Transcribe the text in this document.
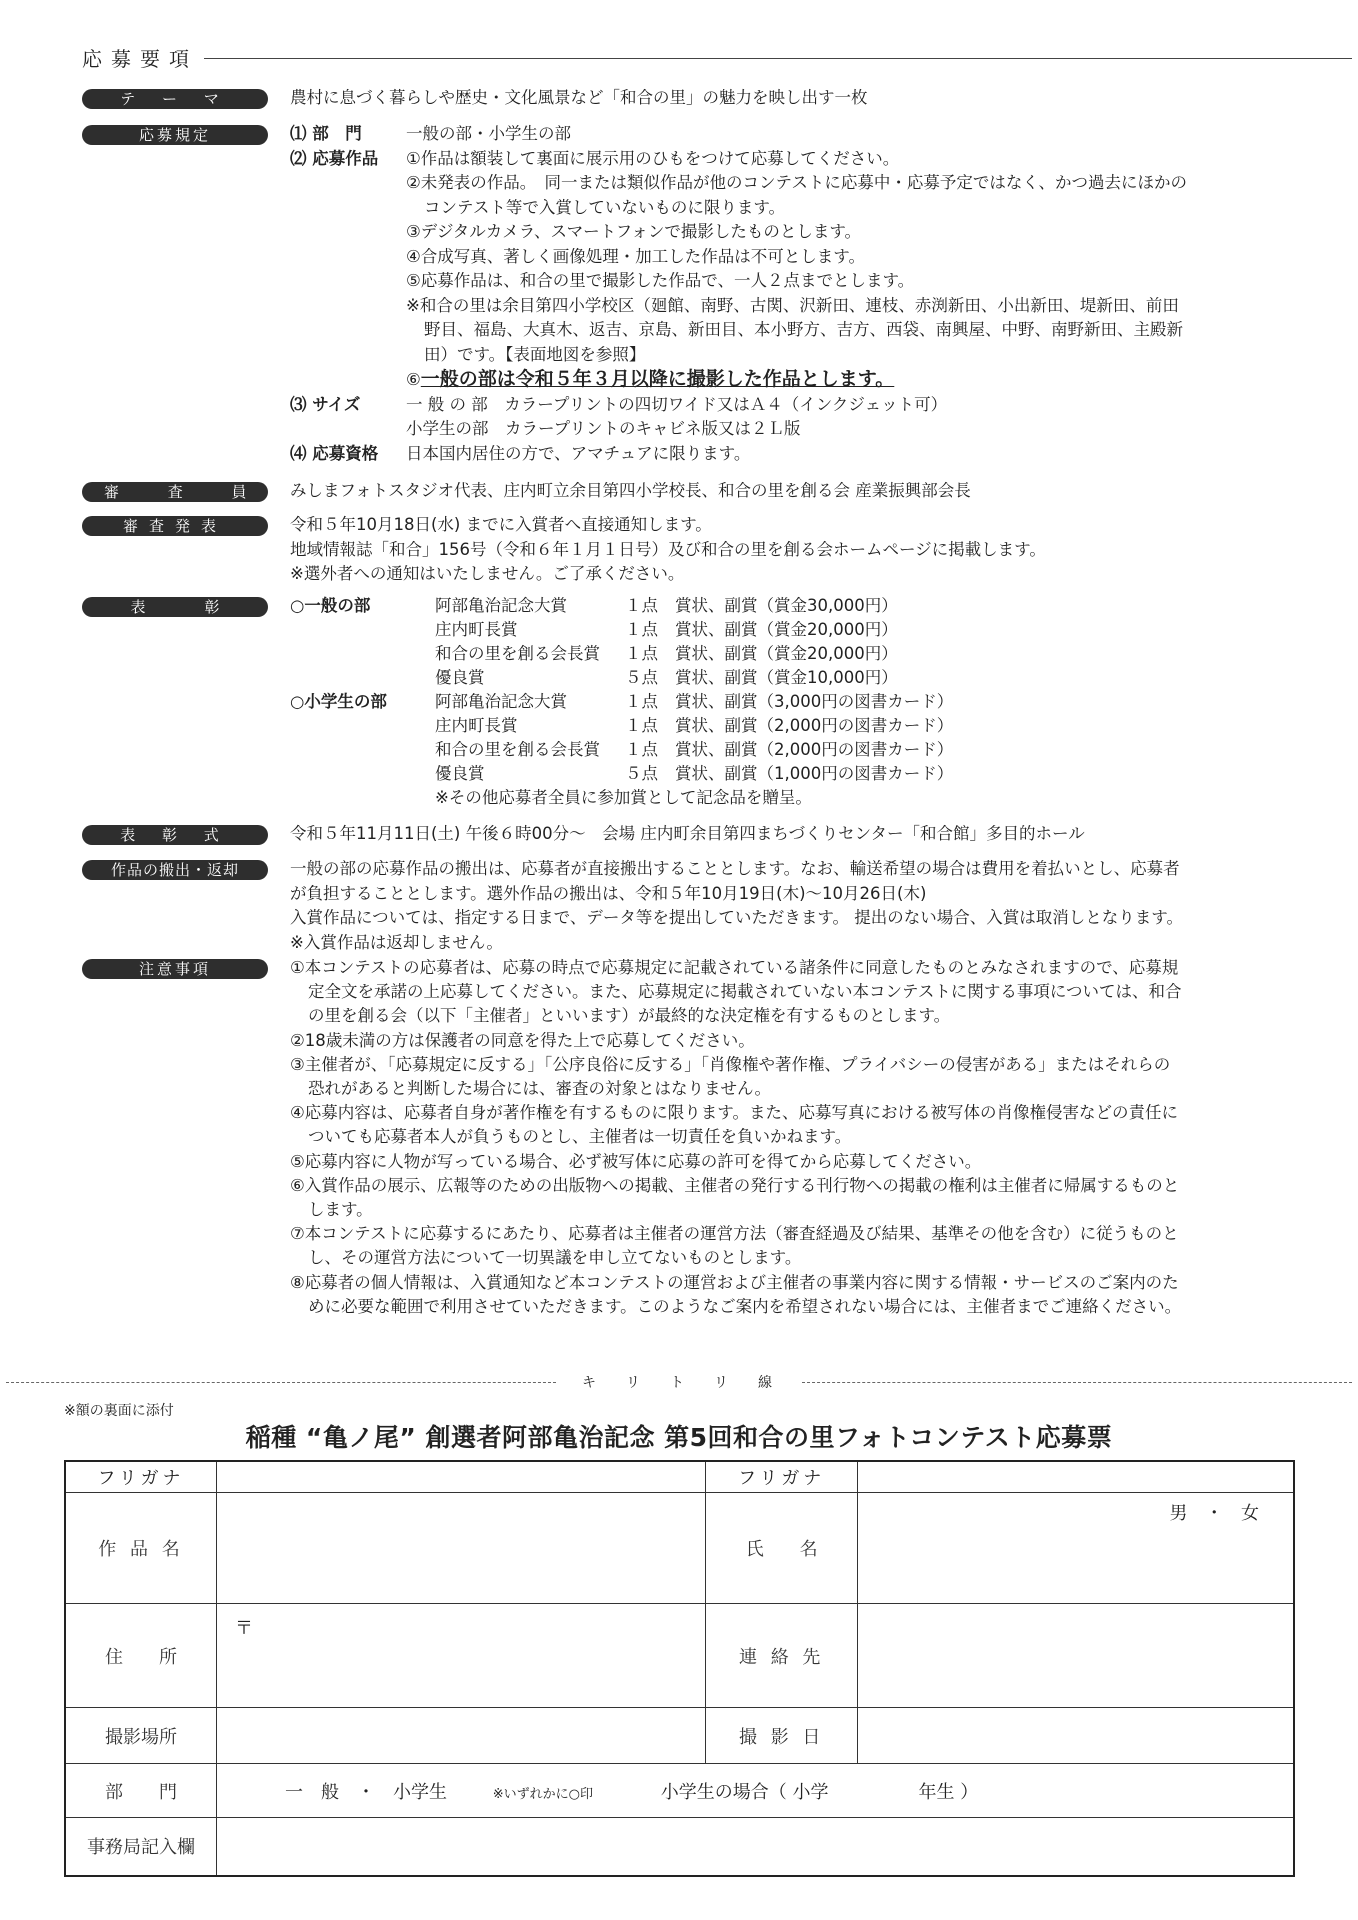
応募要項
テ ー マ	農村に息づく暮らしや歴史・文化風景など「和合の里」の魅力を映し出す一枚
応募規定	⑴ 部　門	一般の部・小学生の部
⑵ 応募作品	①作品は額装して裏面に展示用のひもをつけて応募してください。
②未発表の作品。　同一または類似作品が他のコンテストに応募中・応募予定ではなく、かつ過去にほかの
コンテスト等で入賞していないものに限ります。
③デジタルカメラ、スマートフォンで撮影したものとします。
④合成写真、著しく画像処理・加工した作品は不可とします。
⑤応募作品は、和合の里で撮影した作品で、一人２点までとします。
※和合の里は余目第四小学校区（廻館、南野、古関、沢新田、連枝、赤渕新田、小出新田、堤新田、前田
野目、福島、大真木、返吉、京島、新田目、本小野方、吉方、西袋、南興屋、中野、南野新田、主殿新
田）です。【表面地図を参照】
⑥一般の部は令和５年３月以降に撮影した作品とします。
⑶ サイズ	一 般 の 部　カラープリントの四切ワイド又はＡ４（インクジェット可）
小学生の部　カラープリントのキャビネ版又は２Ｌ版
⑷ 応募資格	日本国内居住の方で、アマチュアに限ります。
審 査 員 みしまフォトスタジオ代表、庄内町立余目第四小学校長、和合の里を創る会 産業振興部会長
審査発表	令和５年10月18日(水) までに入賞者へ直接通知します。
地域情報誌「和合」156号（令和６年１月１日号）及び和合の里を創る会ホームページに掲載します。
※選外者への通知はいたしません。ご了承ください。
表　彰	○一般の部	阿部亀治記念大賞	１点	賞状、副賞（賞金30,000円）
庄内町長賞	１点	賞状、副賞（賞金20,000円）
和合の里を創る会長賞	１点	賞状、副賞（賞金20,000円）
優良賞	５点	賞状、副賞（賞金10,000円）
○小学生の部	阿部亀治記念大賞	１点	賞状、副賞（3,000円の図書カード）
庄内町長賞	１点	賞状、副賞（2,000円の図書カード）
和合の里を創る会長賞	１点	賞状、副賞（2,000円の図書カード）
優良賞	５点	賞状、副賞（1,000円の図書カード）
※その他応募者全員に参加賞として記念品を贈呈。
表 彰 式	令和５年11月11日(土) 午後６時00分～　会場 庄内町余目第四まちづくりセンター「和合館」多目的ホール
作品の搬出・返却	一般の部の応募作品の搬出は、応募者が直接搬出することとします。なお、輸送希望の場合は費用を着払いとし、応募者
が負担することとします。選外作品の搬出は、令和５年10月19日(木)～10月26日(木)
入賞作品については、指定する日まで、データ等を提出していただきます。 提出のない場合、入賞は取消しとなります。
※入賞作品は返却しません。
注意事項	①本コンテストの応募者は、応募の時点で応募規定に記載されている諸条件に同意したものとみなされますので、応募規
定全文を承諾の上応募してください。また、応募規定に掲載されていない本コンテストに関する事項については、和合
の里を創る会（以下「主催者」といいます）が最終的な決定権を有するものとします。
②18歳未満の方は保護者の同意を得た上で応募してください。
③主催者が、「応募規定に反する」「公序良俗に反する」「肖像権や著作権、プライバシーの侵害がある」またはそれらの
恐れがあると判断した場合には、審査の対象とはなりません。
④応募内容は、応募者自身が著作権を有するものに限ります。また、応募写真における被写体の肖像権侵害などの責任に
ついても応募者本人が負うものとし、主催者は一切責任を負いかねます。
⑤応募内容に人物が写っている場合、必ず被写体に応募の許可を得てから応募してください。
⑥入賞作品の展示、広報等のための出版物への掲載、主催者の発行する刊行物への掲載の権利は主催者に帰属するものと
します。
⑦本コンテストに応募するにあたり、応募者は主催者の運営方法（審査経過及び結果、基準その他を含む）に従うものと
し、その運営方法について一切異議を申し立てないものとします。
⑧応募者の個人情報は、入賞通知など本コンテストの運営および主催者の事業内容に関する情報・サービスのご案内のた
めに必要な範囲で利用させていただきます。このようなご案内を希望されない場合には、主催者までご連絡ください。
キリトリ線
※額の裏面に添付
稲種 “亀ノ尾” 創選者阿部亀治記念 第5回和合の里フォトコンテスト応募票
フリガナ		フリガナ	
作 品 名		氏　　名	男 ・ 女
住　　所	〒	連 絡 先	
撮影場所		撮 影 日	
部　　門	一　般　・　小学生 ※いずれかに○印 小学生の場合（ 小学　　　　　年生 ）		
事務局記入欄			
